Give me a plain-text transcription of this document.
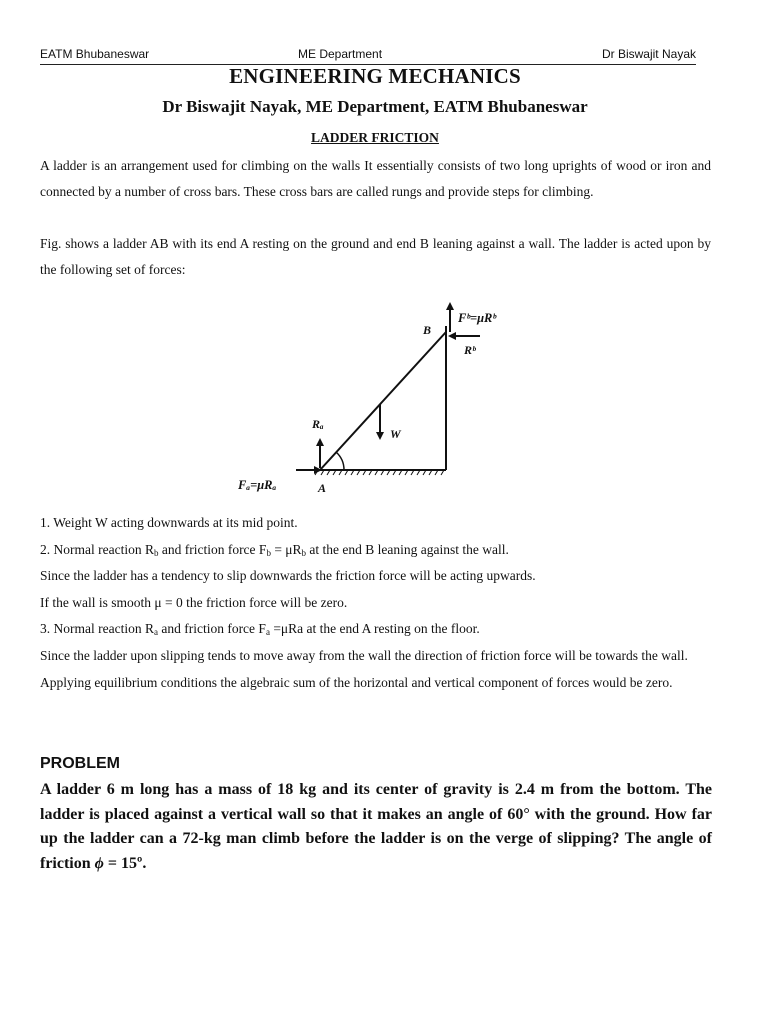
EATM Bhubaneswar	ME Department	Dr Biswajit Nayak
ENGINEERING MECHANICS
Dr Biswajit Nayak, ME Department, EATM Bhubaneswar
LADDER FRICTION
A ladder is an arrangement used for climbing on the walls It essentially consists of two long uprights of wood or iron and connected by a number of cross bars. These cross bars are called rungs and provide steps for climbing.
Fig. shows a ladder AB with its end A resting on the ground and end B leaning against a wall. The ladder is acted upon by the following set of forces:
B
Fᵇ=μRᵇ
Rᵇ
Rₐ
W
Fₐ=μRₐ	A
1. Weight W acting downwards at its mid point.
2. Normal reaction $R_b$ and friction force $F_b = \mu R_b$ at the end B leaning against the wall.
Since the ladder has a tendency to slip downwards the friction force will be acting upwards.
If the wall is smooth μ = 0 the friction force will be zero.
3. Normal reaction $R_a$ and friction force $F_a =\mu Ra$ at the end A resting on the floor.
Since the ladder upon slipping tends to move away from the wall the direction of friction force will be towards the wall.
Applying equilibrium conditions the algebraic sum of the horizontal and vertical component of forces would be zero.
PROBLEM
A ladder 6 m long has a mass of 18 kg and its center of gravity is 2.4 m from the bottom. The ladder is placed against a vertical wall so that it makes an angle of 60° with the ground. How far up the ladder can a 72-kg man climb before the ladder is on the verge of slipping? The angle of friction ϕ = 15º.
